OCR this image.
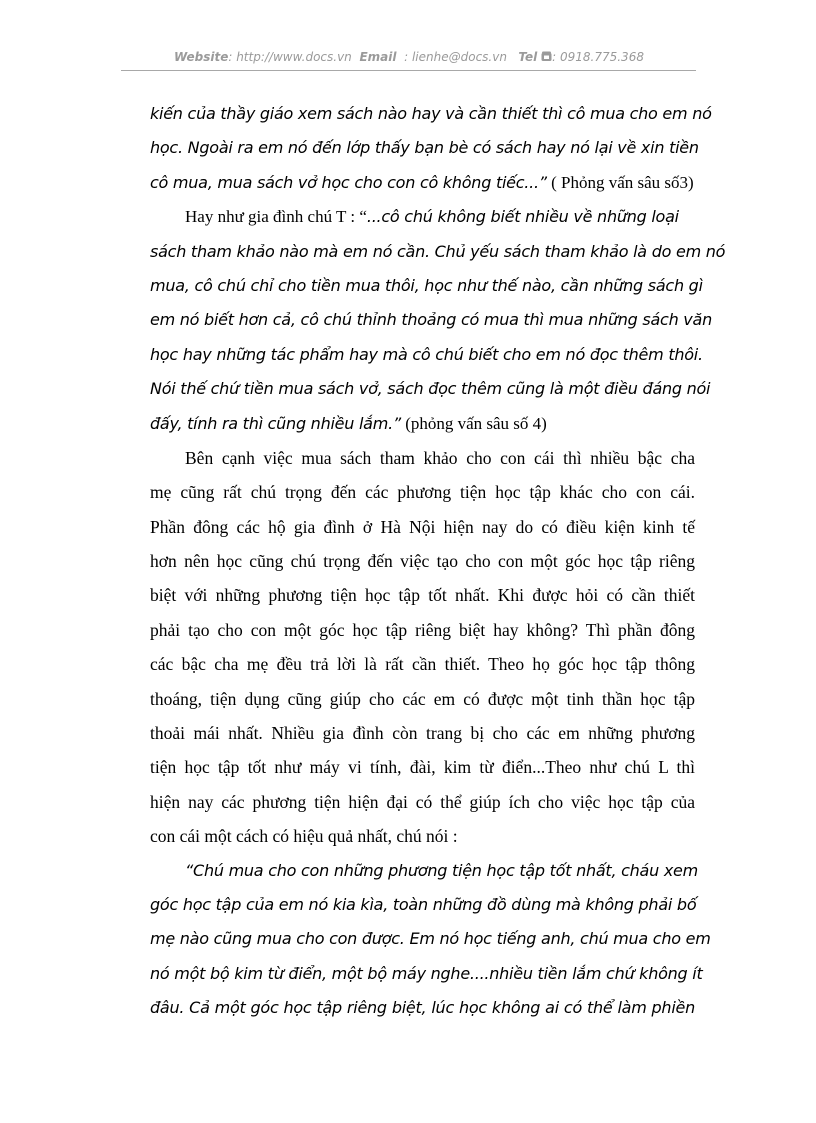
Website: http://www.docs.vn Email : lienhe@docs.vn Tel : 0918.775.368
kiến của thầy giáo xem sách nào hay và cần thiết thì cô mua cho em nó
học. Ngoài ra em nó đến lớp thấy bạn bè có sách hay nó lại về xin tiền
cô mua, mua sách vở học cho con cô không tiếc...” ( Phỏng vấn sâu số3)
Hay như gia đình chú T : “...cô chú không biết nhiều về những loại
sách tham khảo nào mà em nó cần. Chủ yếu sách tham khảo là do em nó
mua, cô chú chỉ cho tiền mua thôi, học như thế nào, cần những sách gì
em nó biết hơn cả, cô chú thỉnh thoảng có mua thì mua những sách văn
học hay những tác phẩm hay mà cô chú biết cho em nó đọc thêm thôi.
Nói thế chứ tiền mua sách vở, sách đọc thêm cũng là một điều đáng nói
đấy, tính ra thì cũng nhiều lắm.” (phỏng vấn sâu số 4)
Bên cạnh việc mua sách tham khảo cho con cái thì nhiều bậc cha
mẹ cũng rất chú trọng đến các phương tiện học tập khác cho con cái.
Phần đông các hộ gia đình ở Hà Nội hiện nay do có điều kiện kinh tế
hơn nên học cũng chú trọng đến việc tạo cho con một góc học tập riêng
biệt với những phương tiện học tập tốt nhất. Khi được hỏi có cần thiết
phải tạo cho con một góc học tập riêng biệt hay không? Thì phần đông
các bậc cha mẹ đều trả lời là rất cần thiết. Theo họ góc học tập thông
thoáng, tiện dụng cũng giúp cho các em có được một tinh thần học tập
thoải mái nhất. Nhiều gia đình còn trang bị cho các em những phương
tiện học tập tốt như máy vi tính, đài, kim từ điển...Theo như chú L thì
hiện nay các phương tiện hiện đại có thể giúp ích cho việc học tập của
con cái một cách có hiệu quả nhất, chú nói :
“Chú mua cho con những phương tiện học tập tốt nhất, cháu xem
góc học tập của em nó kia kìa, toàn những đồ dùng mà không phải bố
mẹ nào cũng mua cho con được. Em nó học tiếng anh, chú mua cho em
nó một bộ kim từ điển, một bộ máy nghe....nhiều tiền lắm chứ không ít
đâu. Cả một góc học tập riêng biệt, lúc học không ai có thể làm phiền
